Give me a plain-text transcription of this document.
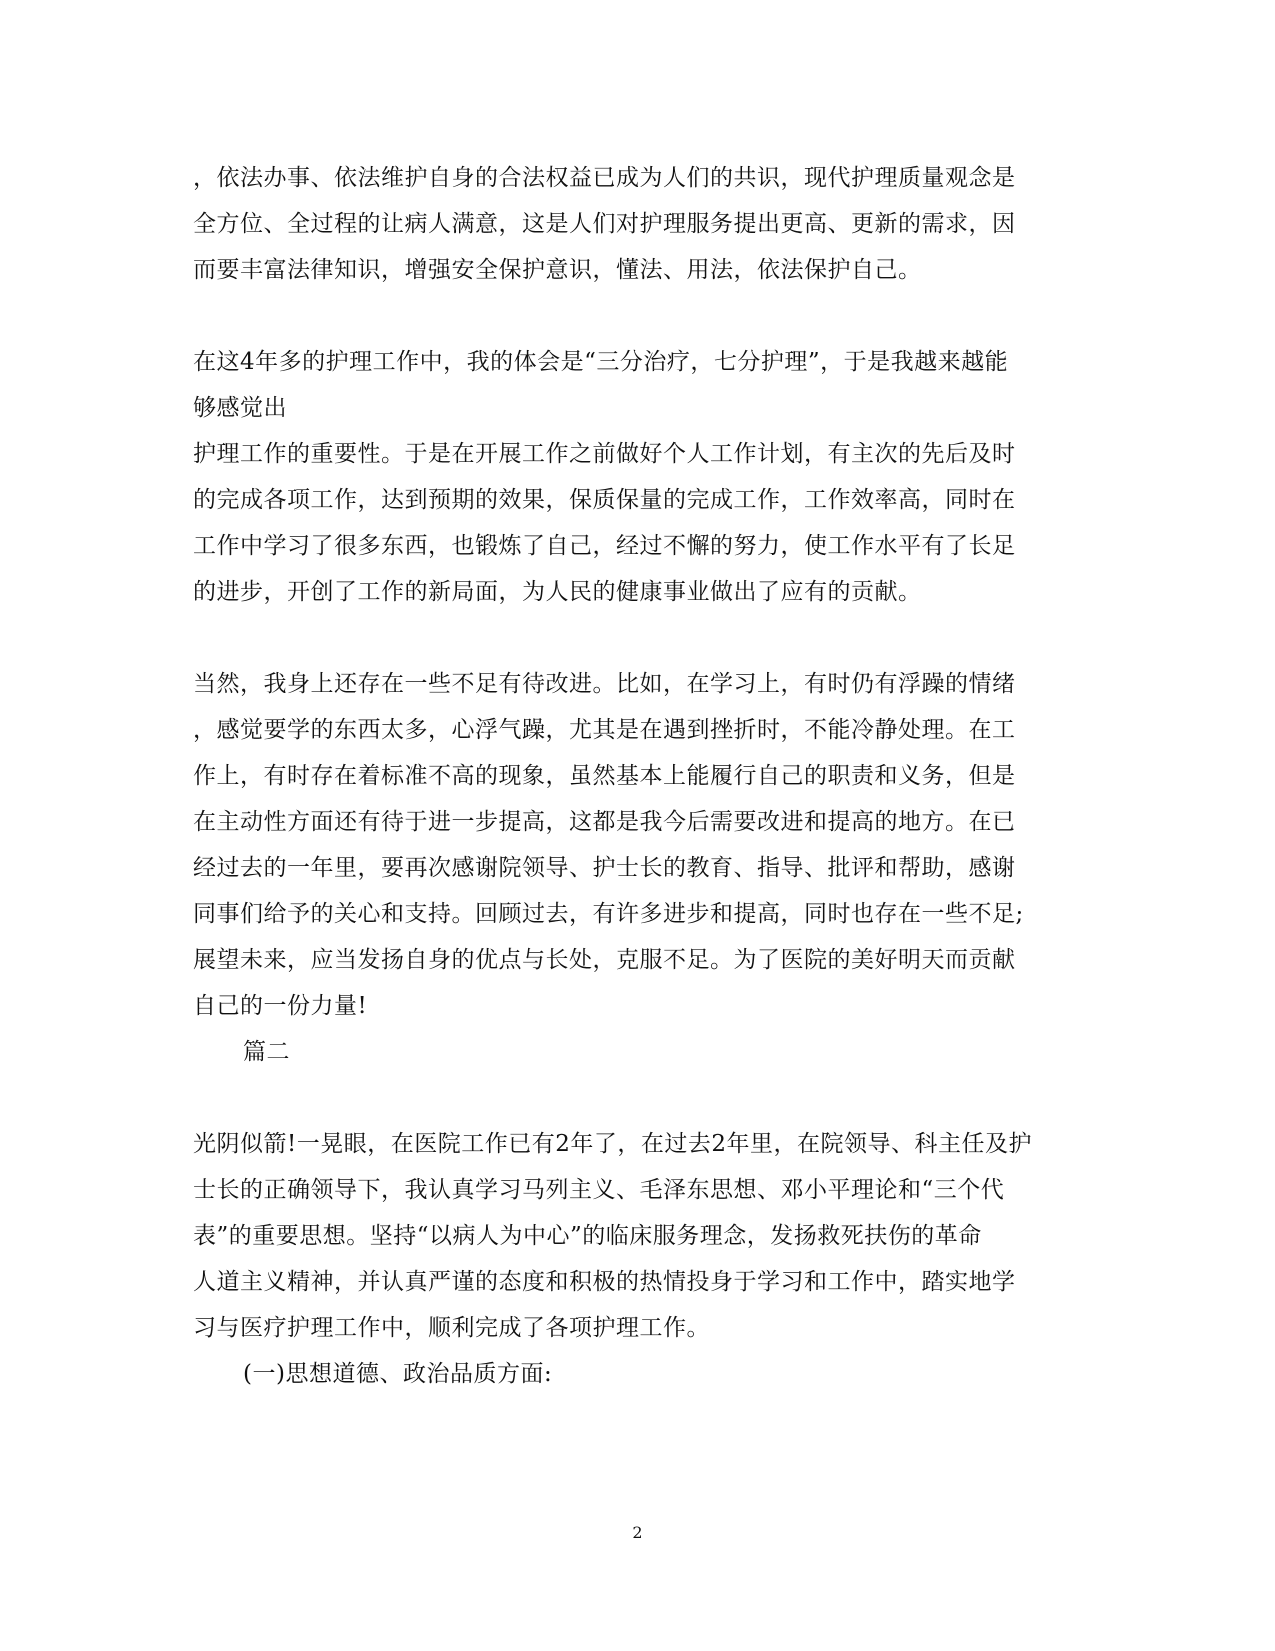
，依法办事、依法维护自身的合法权益已成为人们的共识，现代护理质量观念是
全方位、全过程的让病人满意，这是人们对护理服务提出更高、更新的需求，因
而要丰富法律知识，增强安全保护意识，懂法、用法，依法保护自己。
在这4年多的护理工作中，我的体会是“三分治疗，七分护理”，于是我越来越能
够感觉出
护理工作的重要性。于是在开展工作之前做好个人工作计划，有主次的先后及时
的完成各项工作，达到预期的效果，保质保量的完成工作，工作效率高，同时在
工作中学习了很多东西，也锻炼了自己，经过不懈的努力，使工作水平有了长足
的进步，开创了工作的新局面，为人民的健康事业做出了应有的贡献。
当然，我身上还存在一些不足有待改进。比如，在学习上，有时仍有浮躁的情绪
，感觉要学的东西太多，心浮气躁，尤其是在遇到挫折时，不能冷静处理。在工
作上，有时存在着标准不高的现象，虽然基本上能履行自己的职责和义务，但是
在主动性方面还有待于进一步提高，这都是我今后需要改进和提高的地方。在已
经过去的一年里，要再次感谢院领导、护士长的教育、指导、批评和帮助，感谢
同事们给予的关心和支持。回顾过去，有许多进步和提高，同时也存在一些不足;
展望未来，应当发扬自身的优点与长处，克服不足。为了医院的美好明天而贡献
自己的一份力量!
篇二
光阴似箭!一晃眼，在医院工作已有2年了，在过去2年里，在院领导、科主任及护
士长的正确领导下，我认真学习马列主义、毛泽东思想、邓小平理论和“三个代
表”的重要思想。坚持“以病人为中心”的临床服务理念，发扬救死扶伤的革命
人道主义精神，并认真严谨的态度和积极的热情投身于学习和工作中，踏实地学
习与医疗护理工作中，顺利完成了各项护理工作。
(一)思想道德、政治品质方面:
2
